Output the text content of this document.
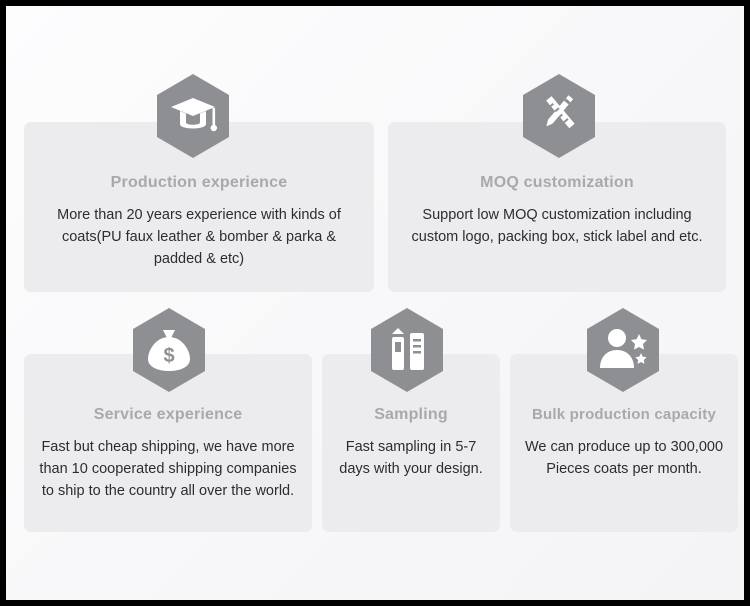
Production experience
More than 20 years experience with kinds of coats(PU faux leather & bomber & parka & padded & etc)
MOQ customization
Support low MOQ customization including custom logo, packing box, stick label and etc.
Service experience
Fast but cheap shipping, we have more than 10 cooperated shipping companies to ship to the country all over the world.
Sampling
Fast sampling in 5-7 days with your design.
Bulk production capacity
We can produce up to 300,000 Pieces coats per month.
$
